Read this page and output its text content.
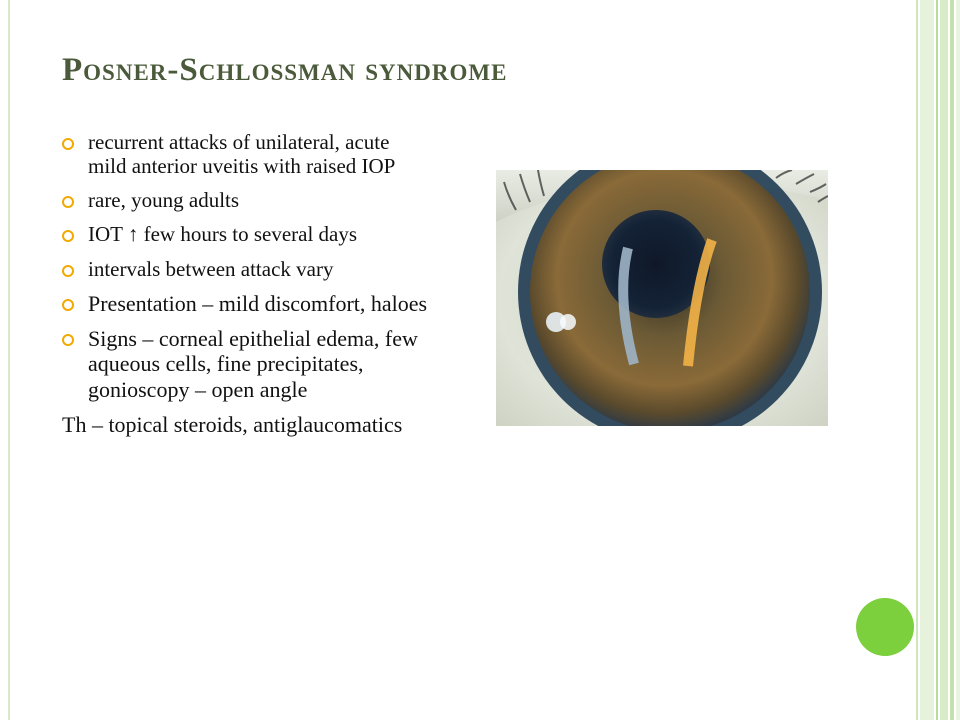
Posner-Schlossman syndrome
recurrent attacks of unilateral, acute mild anterior uveitis with raised IOP
rare, young adults
IOT ↑ few hours to several days
intervals between attack vary
Presentation – mild discomfort, haloes
Signs – corneal epithelial edema, few aqueous cells, fine precipitates, gonioscopy – open angle

Th – topical steroids, antiglaucomatics
